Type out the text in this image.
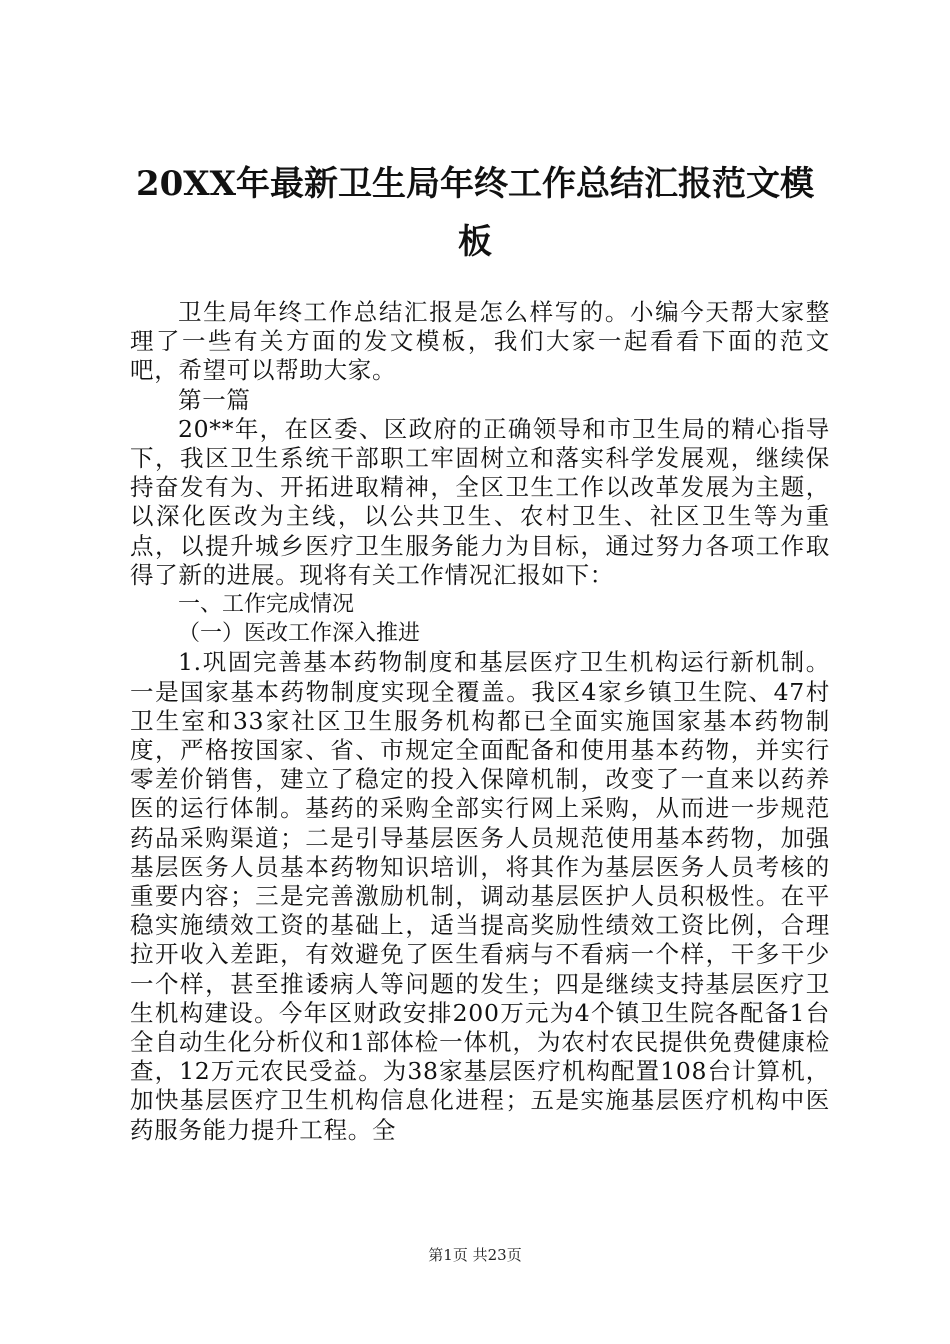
20XX年最新卫生局年终工作总结汇报范文模板

卫生局年终工作总结汇报是怎么样写的。小编今天帮大家整理了一些有关方面的发文模板，我们大家一起看看下面的范文吧，希望可以帮助大家。

第一篇

20**年，在区委、区政府的正确领导和市卫生局的精心指导下，我区卫生系统干部职工牢固树立和落实科学发展观，继续保持奋发有为、开拓进取精神，全区卫生工作以改革发展为主题，以深化医改为主线，以公共卫生、农村卫生、社区卫生等为重点，以提升城乡医疗卫生服务能力为目标，通过努力各项工作取得了新的进展。现将有关工作情况汇报如下：

一、工作完成情况

（一）医改工作深入推进

1.巩固完善基本药物制度和基层医疗卫生机构运行新机制。一是国家基本药物制度实现全覆盖。我区4家乡镇卫生院、47村卫生室和33家社区卫生服务机构都已全面实施国家基本药物制度，严格按国家、省、市规定全面配备和使用基本药物，并实行零差价销售，建立了稳定的投入保障机制，改变了一直来以药养医的运行体制。基药的采购全部实行网上采购，从而进一步规范药品采购渠道；二是引导基层医务人员规范使用基本药物，加强基层医务人员基本药物知识培训，将其作为基层医务人员考核的重要内容；三是完善激励机制，调动基层医护人员积极性。在平稳实施绩效工资的基础上，适当提高奖励性绩效工资比例，合理拉开收入差距，有效避免了医生看病与不看病一个样，干多干少一个样，甚至推诿病人等问题的发生；四是继续支持基层医疗卫生机构建设。今年区财政安排200万元为4个镇卫生院各配备1台全自动生化分析仪和1部体检一体机，为农村农民提供免费健康检查，12万元农民受益。为38家基层医疗机构配置108台计算机，加快基层医疗卫生机构信息化进程；五是实施基层医疗机构中医药服务能力提升工程。全

第1页 共23页
